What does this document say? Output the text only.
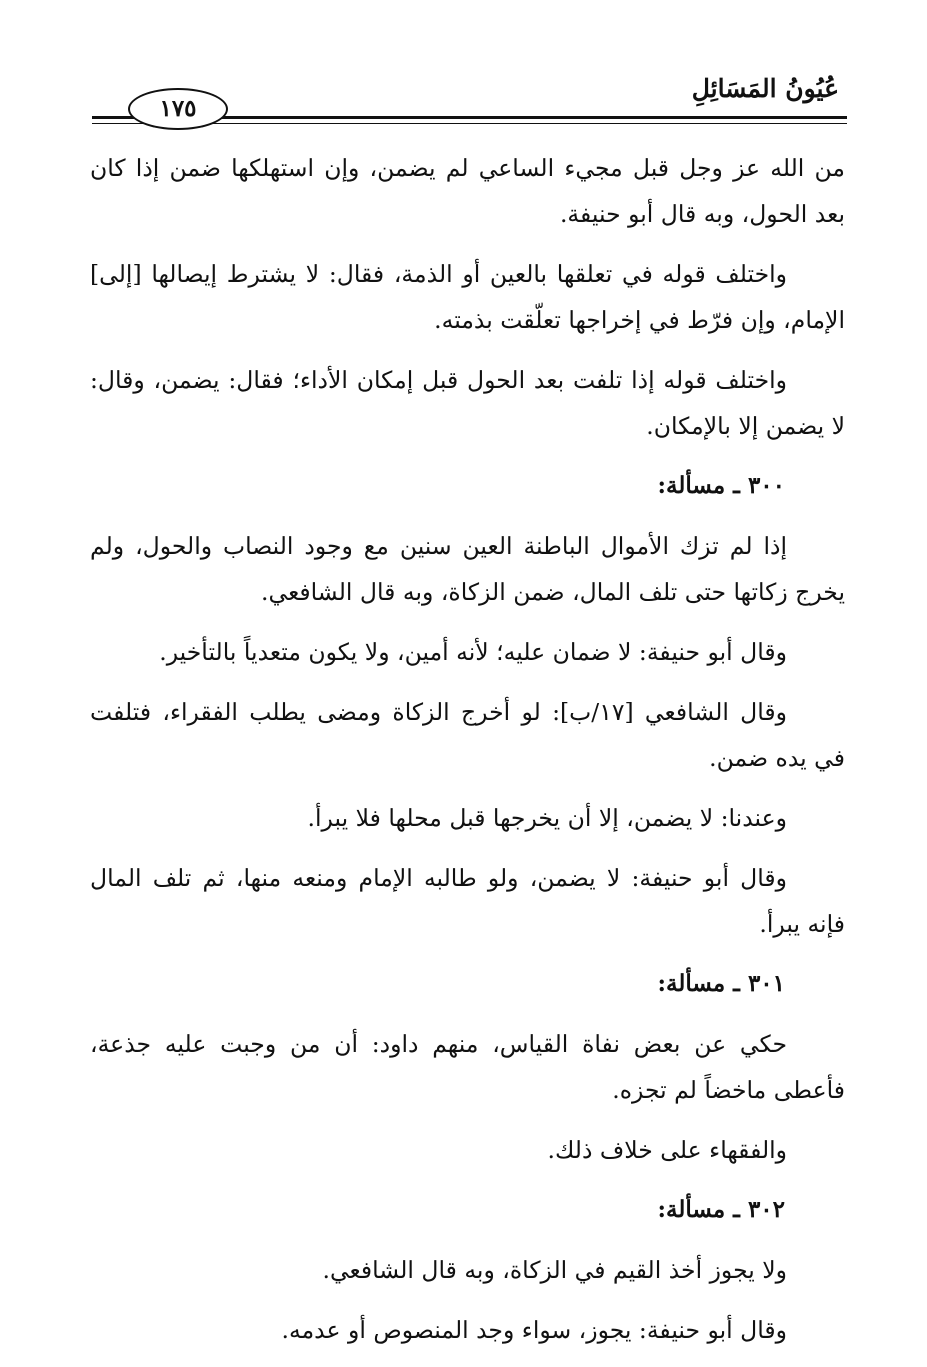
عُيُونُ المَسَائِلِ
١٧٥

من الله عز وجل قبل مجيء الساعي لم يضمن، وإن استهلكها ضمن إذا كان بعد الحول، وبه قال أبو حنيفة.

واختلف قوله في تعلقها بالعين أو الذمة، فقال: لا يشترط إيصالها [إلى] الإمام، وإن فرّط في إخراجها تعلّقت بذمته.

واختلف قوله إذا تلفت بعد الحول قبل إمكان الأداء؛ فقال: يضمن، وقال: لا يضمن إلا بالإمكان.

٣٠٠ ـ مسألة:

إذا لم تزك الأموال الباطنة العين سنين مع وجود النصاب والحول، ولم يخرج زكاتها حتى تلف المال، ضمن الزكاة، وبه قال الشافعي.

وقال أبو حنيفة: لا ضمان عليه؛ لأنه أمين، ولا يكون متعدياً بالتأخير.

وقال الشافعي [١٧/ب]: لو أخرج الزكاة ومضى يطلب الفقراء، فتلفت في يده ضمن.

وعندنا: لا يضمن، إلا أن يخرجها قبل محلها فلا يبرأ.

وقال أبو حنيفة: لا يضمن، ولو طالبه الإمام ومنعه منها، ثم تلف المال فإنه يبرأ.

٣٠١ ـ مسألة:

حكي عن بعض نفاة القياس، منهم داود: أن من وجبت عليه جذعة، فأعطى ماخضاً لم تجزه.

والفقهاء على خلاف ذلك.

٣٠٢ ـ مسألة:

ولا يجوز أخذ القيم في الزكاة، وبه قال الشافعي.

وقال أبو حنيفة: يجوز، سواء وجد المنصوص أو عدمه.
